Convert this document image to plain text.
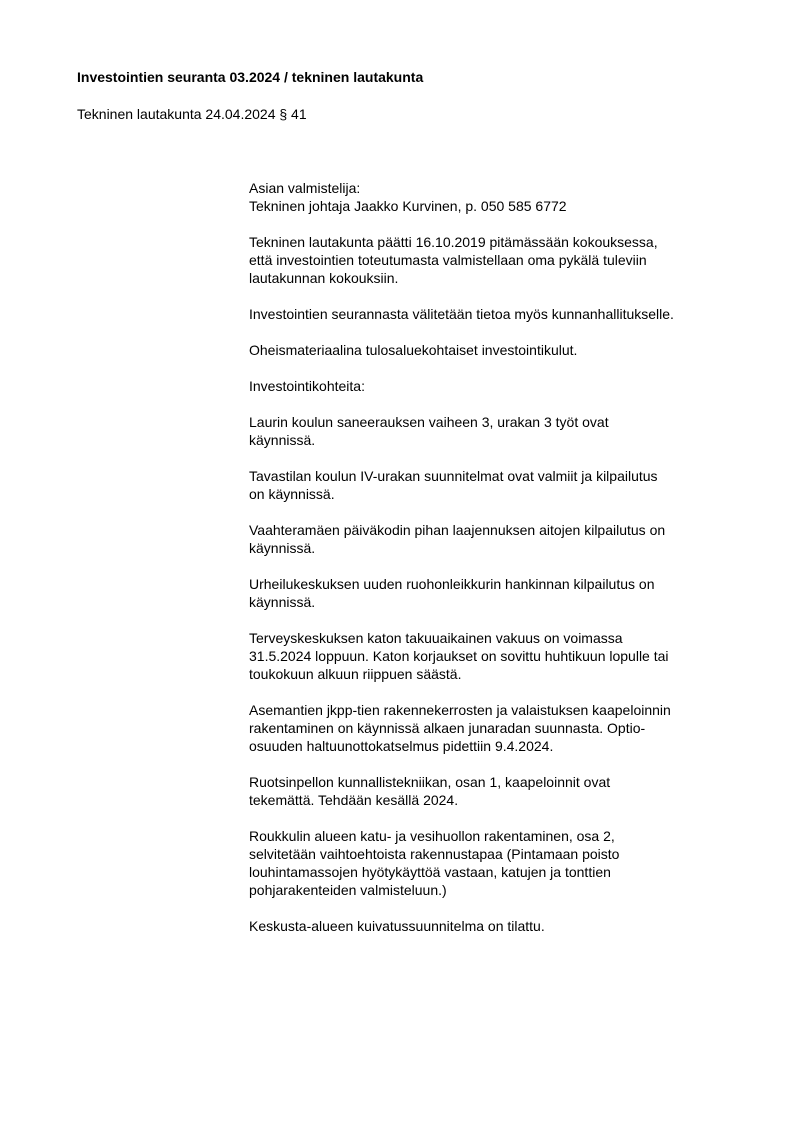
Investointien seuranta 03.2024 / tekninen lautakunta
Tekninen lautakunta 24.04.2024 § 41
Asian valmistelija:
Tekninen johtaja Jaakko Kurvinen, p. 050 585 6772
Tekninen lautakunta päätti 16.10.2019 pitämässään kokouksessa,
että investointien toteutumasta valmistellaan oma pykälä tuleviin
lautakunnan kokouksiin.
Investointien seurannasta välitetään tietoa myös kunnanhallitukselle.
Oheismateriaalina tulosaluekohtaiset investointikulut.
Investointikohteita:
Laurin koulun saneerauksen vaiheen 3, urakan 3 työt ovat
käynnissä.
Tavastilan koulun IV-urakan suunnitelmat ovat valmiit ja kilpailutus
on käynnissä.
Vaahteramäen päiväkodin pihan laajennuksen aitojen kilpailutus on
käynnissä.
Urheilukeskuksen uuden ruohonleikkurin hankinnan kilpailutus on
käynnissä.
Terveyskeskuksen katon takuuaikainen vakuus on voimassa
31.5.2024 loppuun. Katon korjaukset on sovittu huhtikuun lopulle tai
toukokuun alkuun riippuen säästä.
Asemantien jkpp-tien rakennekerrosten ja valaistuksen kaapeloinnin
rakentaminen on käynnissä alkaen junaradan suunnasta. Optio-
osuuden haltuunottokatselmus pidettiin 9.4.2024.
Ruotsinpellon kunnallistekniikan, osan 1, kaapeloinnit ovat
tekemättä. Tehdään kesällä 2024.
Roukkulin alueen katu- ja vesihuollon rakentaminen, osa 2,
selvitetään vaihtoehtoista rakennustapaa (Pintamaan poisto
louhintamassojen hyötykäyttöä vastaan, katujen ja tonttien
pohjarakenteiden valmisteluun.)
Keskusta-alueen kuivatussuunnitelma on tilattu.
